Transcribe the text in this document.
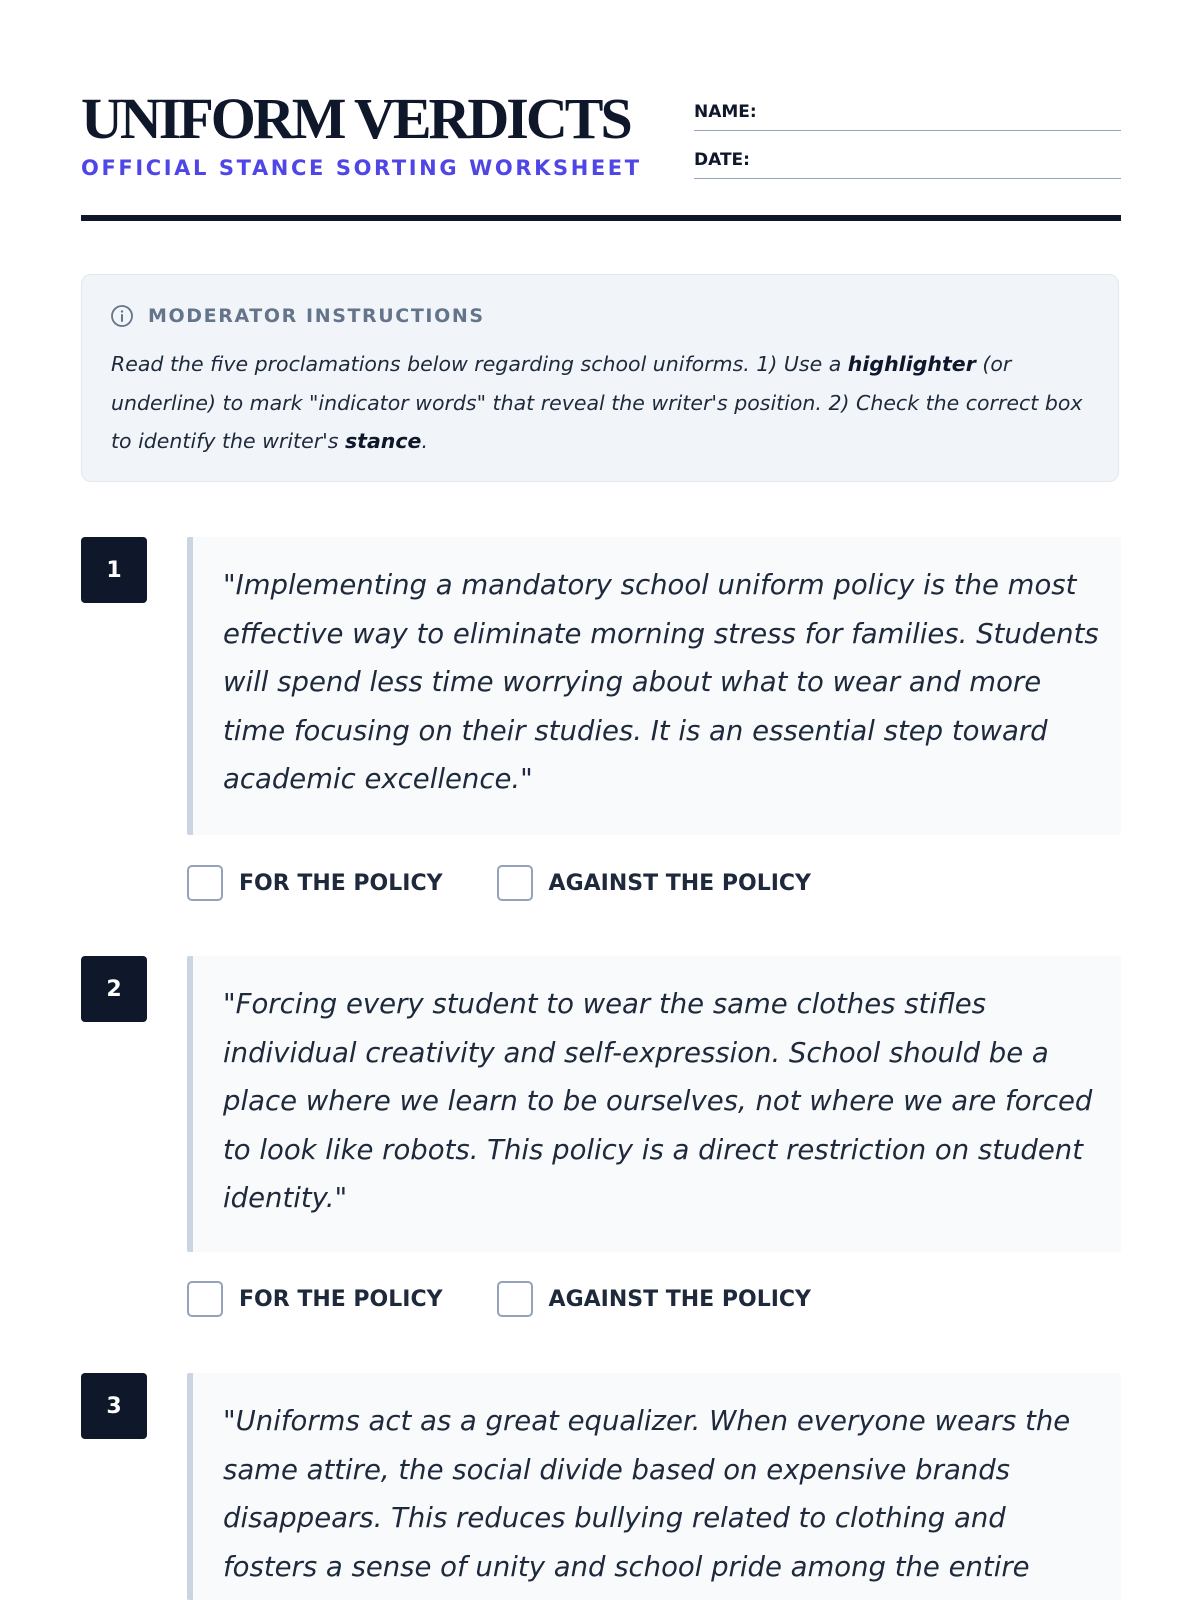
UNIFORM VERDICTS
OFFICIAL STANCE SORTING WORKSHEET
NAME:
DATE:
MODERATOR INSTRUCTIONS
Read the five proclamations below regarding school uniforms. 1) Use a highlighter (or underline) to mark "indicator words" that reveal the writer's position. 2) Check the correct box to identify the writer's stance.
1	"Implementing a mandatory school uniform policy is the most effective way to eliminate morning stress for families. Students will spend less time worrying about what to wear and more time focusing on their studies. It is an essential step toward academic excellence."
FOR THE POLICY	AGAINST THE POLICY
2	"Forcing every student to wear the same clothes stifles individual creativity and self-expression. School should be a place where we learn to be ourselves, not where we are forced to look like robots. This policy is a direct restriction on student identity."
FOR THE POLICY	AGAINST THE POLICY
3	"Uniforms act as a great equalizer. When everyone wears the same attire, the social divide based on expensive brands disappears. This reduces bullying related to clothing and fosters a sense of unity and school pride among the entire
